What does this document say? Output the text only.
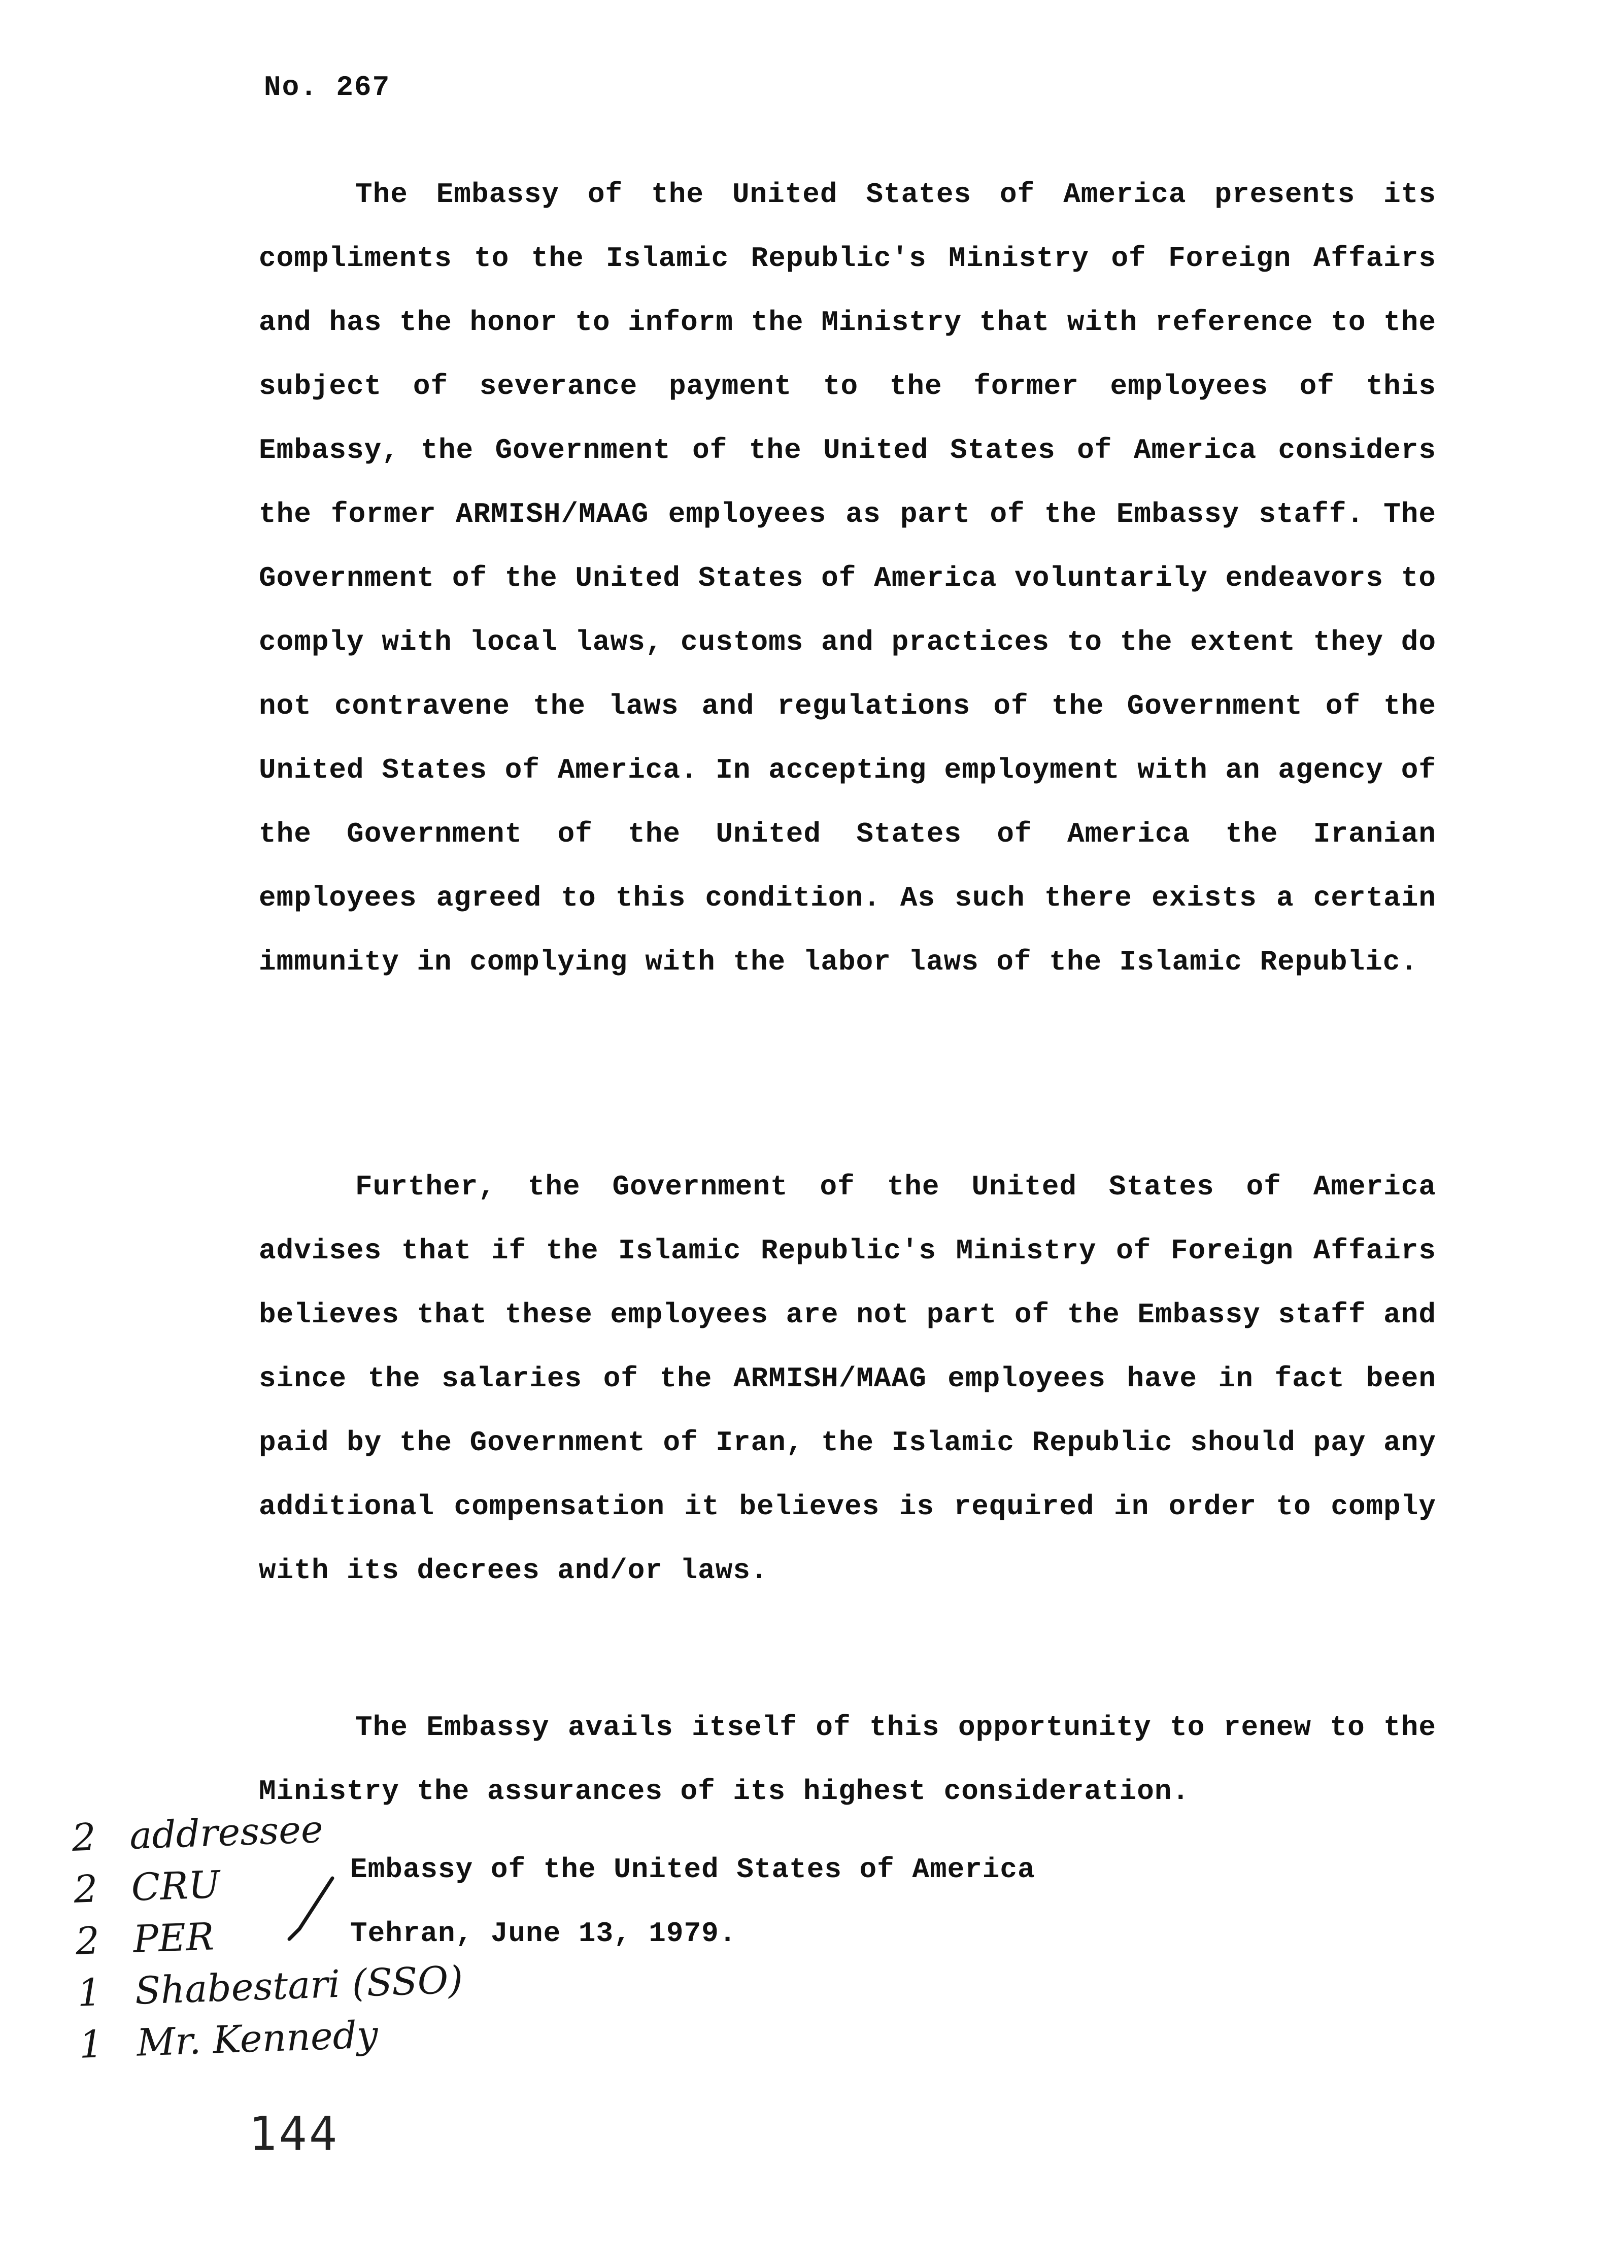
No. 267

The Embassy of the United States of America presents its compliments to the Islamic Republic's Ministry of Foreign Affairs and has the honor to inform the Ministry that with reference to the subject of severance payment to the former employees of this Embassy, the Government of the United States of America considers the former ARMISH/MAAG employees as part of the Embassy staff. The Government of the United States of America voluntarily endeavors to comply with local laws, customs and practices to the extent they do not contravene the laws and regulations of the Government of the United States of America. In accepting employment with an agency of the Government of the United States of America the Iranian employees agreed to this condition. As such there exists a certain immunity in complying with the labor laws of the Islamic Republic.

Further, the Government of the United States of America advises that if the Islamic Republic's Ministry of Foreign Affairs believes that these employees are not part of the Embassy staff and since the salaries of the ARMISH/MAAG employees have in fact been paid by the Government of Iran, the Islamic Republic should pay any additional compensation it believes is required in order to comply with its decrees and/or laws.

The Embassy avails itself of this opportunity to renew to the Ministry the assurances of its highest consideration.

Embassy of the United States of America
Tehran, June 13, 1979.
2 addressee
2 CRU
2 PER
1 Shabestari (SSO)
1 Mr. Kennedy
144
